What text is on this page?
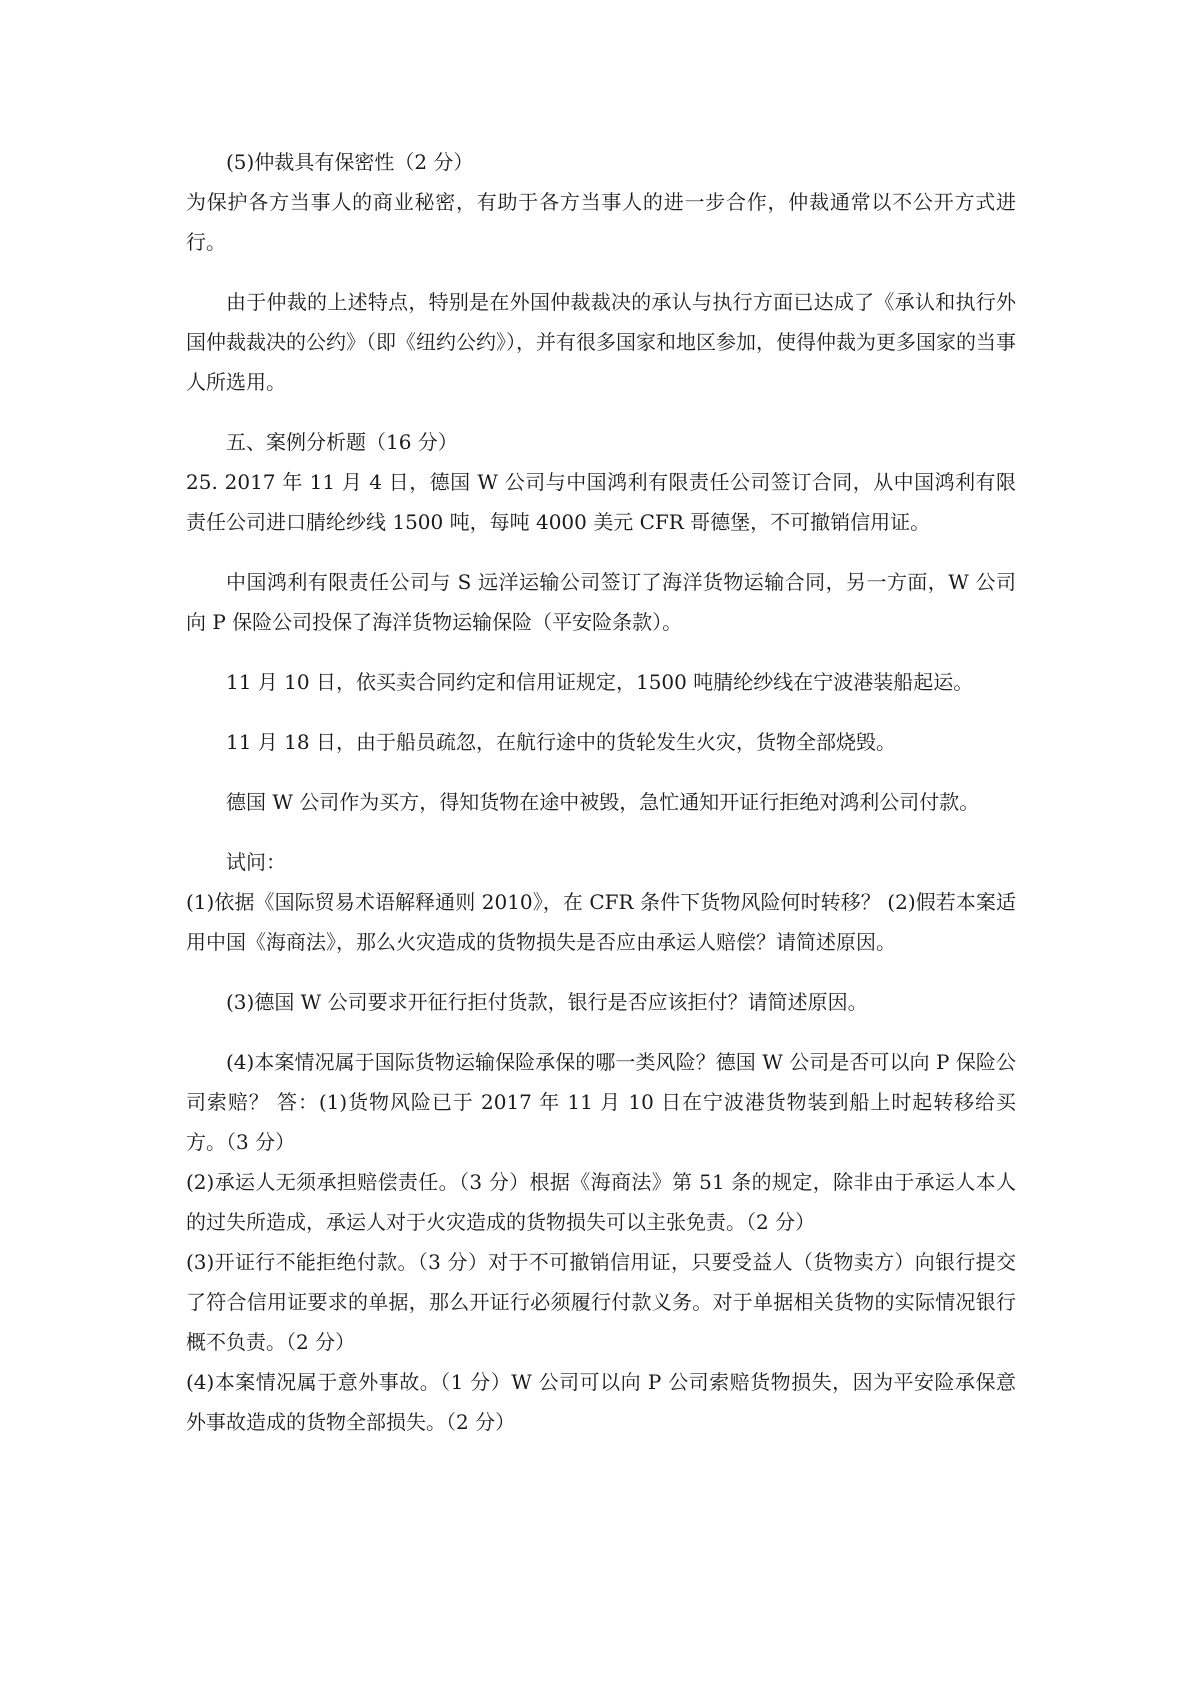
(5)仲裁具有保密性（2 分）

为保护各方当事人的商业秘密，有助于各方当事人的进一步合作，仲裁通常以不公开方式进行。

由于仲裁的上述特点，特别是在外国仲裁裁决的承认与执行方面已达成了《承认和执行外国仲裁裁决的公约》（即《纽约公约》），并有很多国家和地区参加，使得仲裁为更多国家的当事人所选用。

五、案例分析题（16 分）

25. 2017 年 11 月 4 日，德国 W 公司与中国鸿利有限责任公司签订合同，从中国鸿利有限责任公司进口腈纶纱线 1500 吨，每吨 4000 美元 CFR 哥德堡，不可撤销信用证。

中国鸿利有限责任公司与 S 远洋运输公司签订了海洋货物运输合同，另一方面，W 公司向 P 保险公司投保了海洋货物运输保险（平安险条款）。

11 月 10 日，依买卖合同约定和信用证规定，1500 吨腈纶纱线在宁波港装船起运。

11 月 18 日，由于船员疏忽，在航行途中的货轮发生火灾，货物全部烧毁。

德国 W 公司作为买方，得知货物在途中被毁，急忙通知开证行拒绝对鸿利公司付款。

试问：

(1)依据《国际贸易术语解释通则 2010》，在 CFR 条件下货物风险何时转移？ (2)假若本案适用中国《海商法》，那么火灾造成的货物损失是否应由承运人赔偿？请简述原因。

(3)德国 W 公司要求开征行拒付货款，银行是否应该拒付？请简述原因。

(4)本案情况属于国际货物运输保险承保的哪一类风险？德国 W 公司是否可以向 P 保险公司索赔？ 答：(1)货物风险已于 2017 年 11 月 10 日在宁波港货物装到船上时起转移给买方。（3 分）

(2)承运人无须承担赔偿责任。（3 分）根据《海商法》第 51 条的规定，除非由于承运人本人的过失所造成，承运人对于火灾造成的货物损失可以主张免责。（2 分）

(3)开证行不能拒绝付款。（3 分）对于不可撤销信用证，只要受益人（货物卖方）向银行提交了符合信用证要求的单据，那么开证行必须履行付款义务。对于单据相关货物的实际情况银行概不负责。（2 分）

(4)本案情况属于意外事故。（1 分）W 公司可以向 P 公司索赔货物损失，因为平安险承保意外事故造成的货物全部损失。（2 分）
